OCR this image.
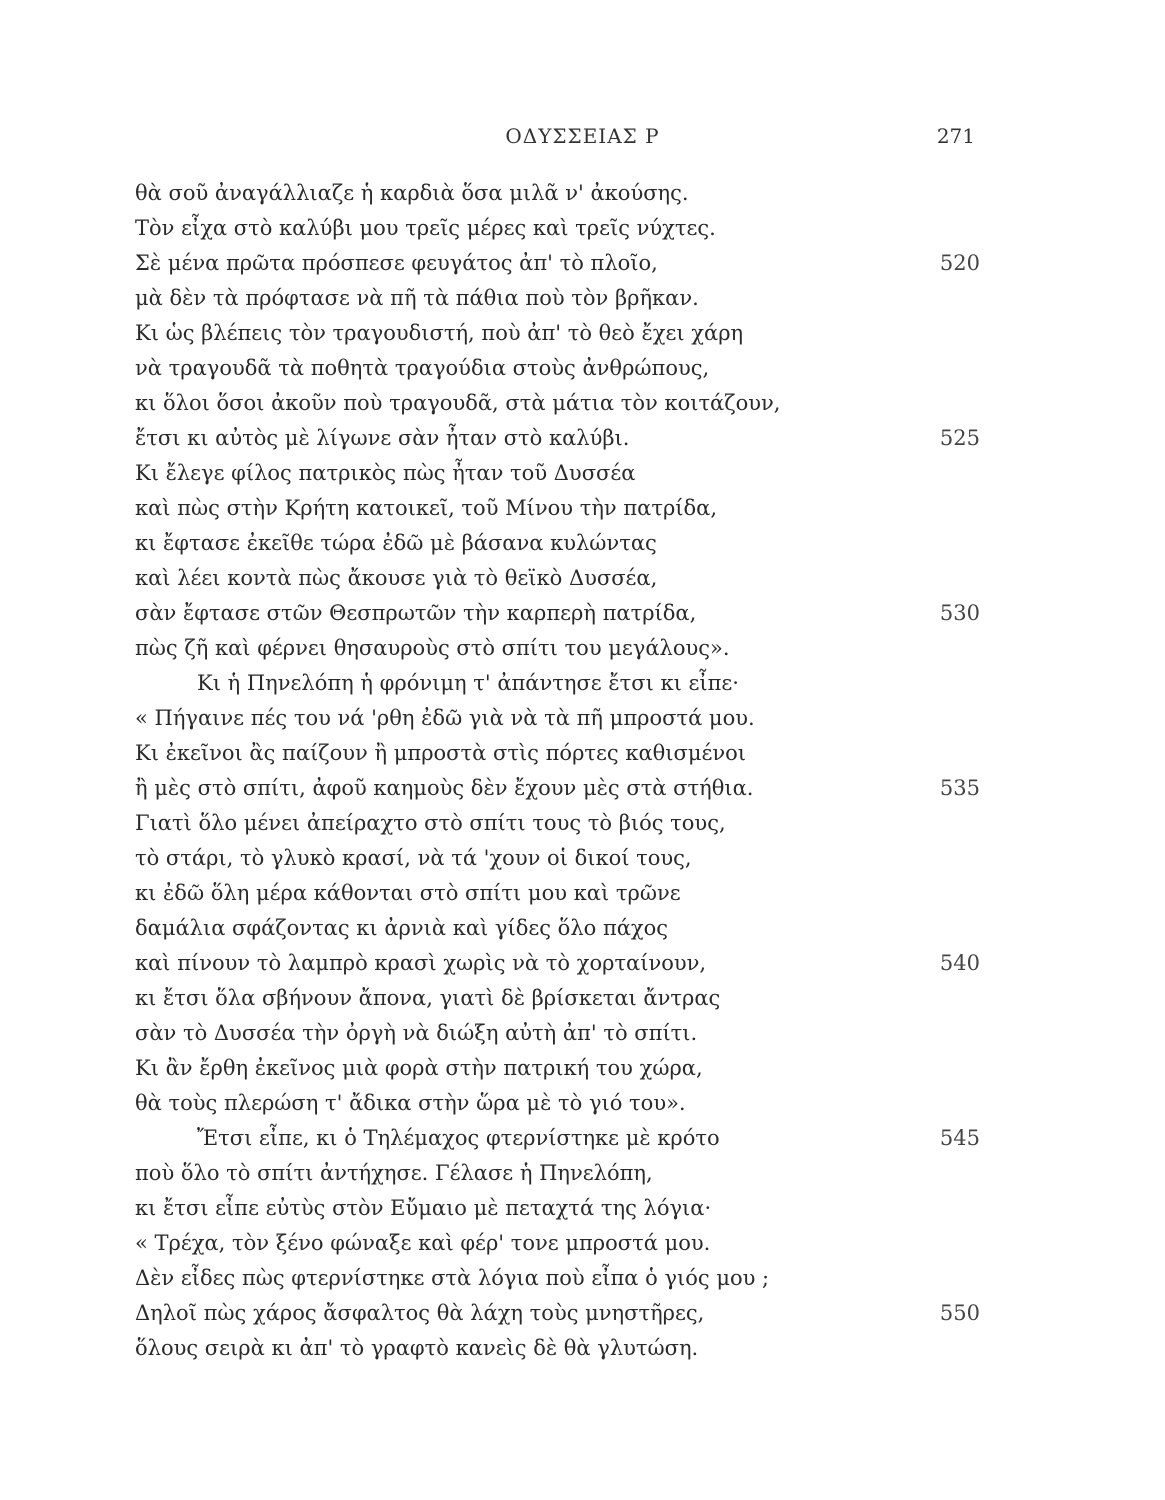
ΟΔΥΣΣΕΙΑΣ Ρ	271
θὰ σοῦ ἀναγάλλιαζε ἡ καρδιὰ ὅσα μιλᾶ ν' ἀκούσης.
Τὸν εἶχα στὸ καλύβι μου τρεῖς μέρες καὶ τρεῖς νύχτες.
Σὲ μένα πρῶτα πρόσπεσε φευγάτος ἀπ' τὸ πλοῖο,	520
μὰ δὲν τὰ πρόφτασε νὰ πῆ τὰ πάθια ποὺ τὸν βρῆκαν.
Κι ὡς βλέπεις τὸν τραγουδιστή, ποὺ ἀπ' τὸ θεὸ ἔχει χάρη
νὰ τραγουδᾶ τὰ ποθητὰ τραγούδια στοὺς ἀνθρώπους,
κι ὅλοι ὅσοι ἀκοῦν ποὺ τραγουδᾶ, στὰ μάτια τὸν κοιτάζουν,
ἔτσι κι αὐτὸς μὲ λίγωνε σὰν ἦταν στὸ καλύβι.	525
Κι ἔλεγε φίλος πατρικὸς πὼς ἦταν τοῦ Δυσσέα
καὶ πὼς στὴν Κρήτη κατοικεῖ, τοῦ Μίνου τὴν πατρίδα,
κι ἔφτασε ἐκεῖθε τώρα ἐδῶ μὲ βάσανα κυλώντας
καὶ λέει κοντὰ πὼς ἄκουσε γιὰ τὸ θεϊκὸ Δυσσέα,
σὰν ἔφτασε στῶν Θεσπρωτῶν τὴν καρπερὴ πατρίδα,	530
πὼς ζῆ καὶ φέρνει θησαυροὺς στὸ σπίτι του μεγάλους».
Κι ἡ Πηνελόπη ἡ φρόνιμη τ' ἀπάντησε ἔτσι κι εἶπε·
« Πήγαινε πές του νά 'ρθη ἐδῶ γιὰ νὰ τὰ πῆ μπροστά μου.
Κι ἐκεῖνοι ἂς παίζουν ἢ μπροστὰ στὶς πόρτες καθισμένοι
ἢ μὲς στὸ σπίτι, ἀφοῦ καημοὺς δὲν ἔχουν μὲς στὰ στήθια.	535
Γιατὶ ὅλο μένει ἀπείραχτο στὸ σπίτι τους τὸ βιός τους,
τὸ στάρι, τὸ γλυκὸ κρασί, νὰ τά 'χουν οἱ δικοί τους,
κι ἐδῶ ὅλη μέρα κάθονται στὸ σπίτι μου καὶ τρῶνε
δαμάλια σφάζοντας κι ἀρνιὰ καὶ γίδες ὅλο πάχος
καὶ πίνουν τὸ λαμπρὸ κρασὶ χωρὶς νὰ τὸ χορταίνουν,	540
κι ἔτσι ὅλα σβήνουν ἄπονα, γιατὶ δὲ βρίσκεται ἄντρας
σὰν τὸ Δυσσέα τὴν ὀργὴ νὰ διώξη αὐτὴ ἀπ' τὸ σπίτι.
Κι ἂν ἔρθη ἐκεῖνος μιὰ φορὰ στὴν πατρική του χώρα,
θὰ τοὺς πλερώση τ' ἄδικα στὴν ὥρα μὲ τὸ γιό του».
Ἔτσι εἶπε, κι ὁ Τηλέμαχος φτερνίστηκε μὲ κρότο	545
ποὺ ὅλο τὸ σπίτι ἀντήχησε. Γέλασε ἡ Πηνελόπη,
κι ἔτσι εἶπε εὐτὺς στὸν Εὔμαιο μὲ πεταχτά της λόγια·
« Τρέχα, τὸν ξένο φώναξε καὶ φέρ' τονε μπροστά μου.
Δὲν εἶδες πὼς φτερνίστηκε στὰ λόγια ποὺ εἶπα ὁ γιός μου ;
Δηλοῖ πὼς χάρος ἄσφαλτος θὰ λάχη τοὺς μνηστῆρες,	550
ὅλους σειρὰ κι ἀπ' τὸ γραφτὸ κανεὶς δὲ θὰ γλυτώση.
